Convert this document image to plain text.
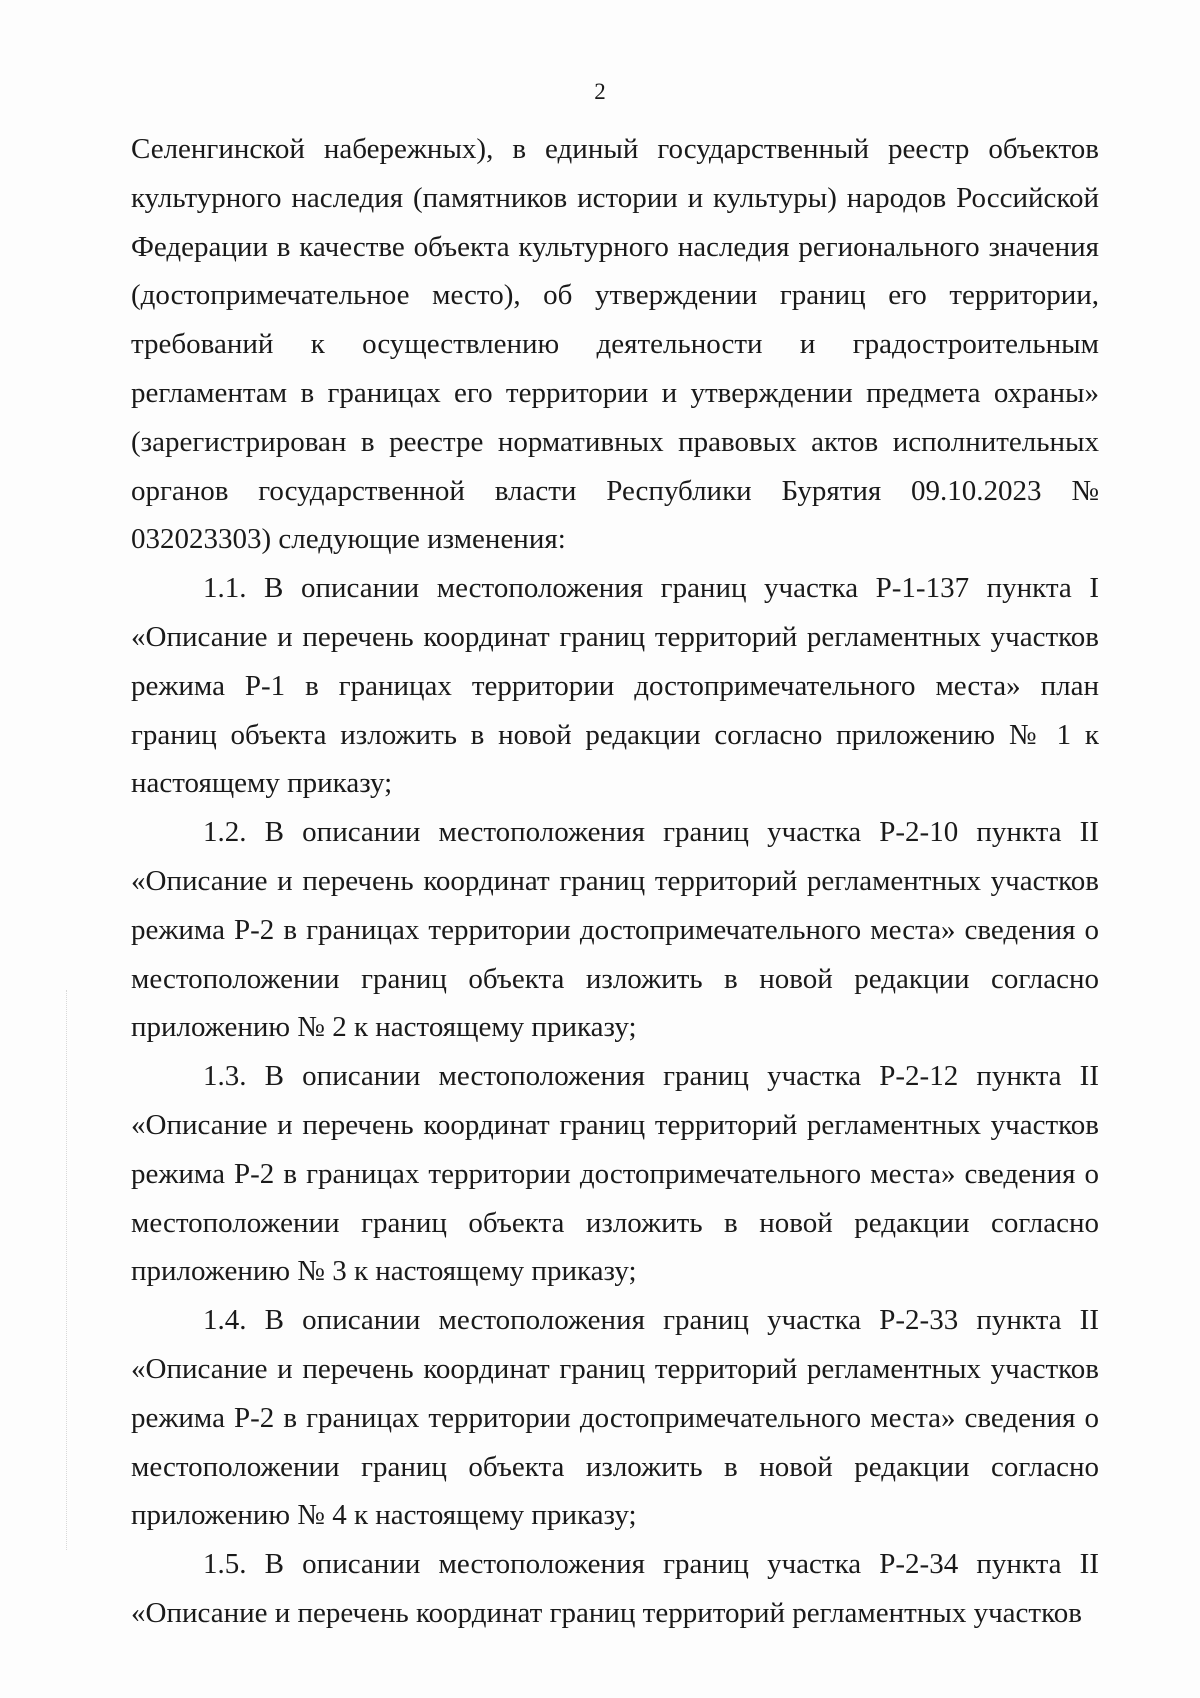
2

Селенгинской набережных), в единый государственный реестр объектов культурного наследия (памятников истории и культуры) народов Российской Федерации в качестве объекта культурного наследия регионального значения (достопримечательное место), об утверждении границ его территории, требований к осуществлению деятельности и градостроительным регламентам в границах его территории и утверждении предмета охраны» (зарегистрирован в реестре нормативных правовых актов исполнительных органов государственной власти Республики Бурятия 09.10.2023 № 032023303) следующие изменения:

1.1. В описании местоположения границ участка Р-1-137 пункта I «Описание и перечень координат границ территорий регламентных участков режима Р-1 в границах территории достопримечательного места» план границ объекта изложить в новой редакции согласно приложению № 1 к настоящему приказу;

1.2. В описании местоположения границ участка Р-2-10 пункта II «Описание и перечень координат границ территорий регламентных участков режима Р-2 в границах территории достопримечательного места» сведения о местоположении границ объекта изложить в новой редакции согласно приложению № 2 к настоящему приказу;

1.3. В описании местоположения границ участка Р-2-12 пункта II «Описание и перечень координат границ территорий регламентных участков режима Р-2 в границах территории достопримечательного места» сведения о местоположении границ объекта изложить в новой редакции согласно приложению № 3 к настоящему приказу;

1.4. В описании местоположения границ участка Р-2-33 пункта II «Описание и перечень координат границ территорий регламентных участков режима Р-2 в границах территории достопримечательного места» сведения о местоположении границ объекта изложить в новой редакции согласно приложению № 4 к настоящему приказу;

1.5. В описании местоположения границ участка Р-2-34 пункта II «Описание и перечень координат границ территорий регламентных участков
